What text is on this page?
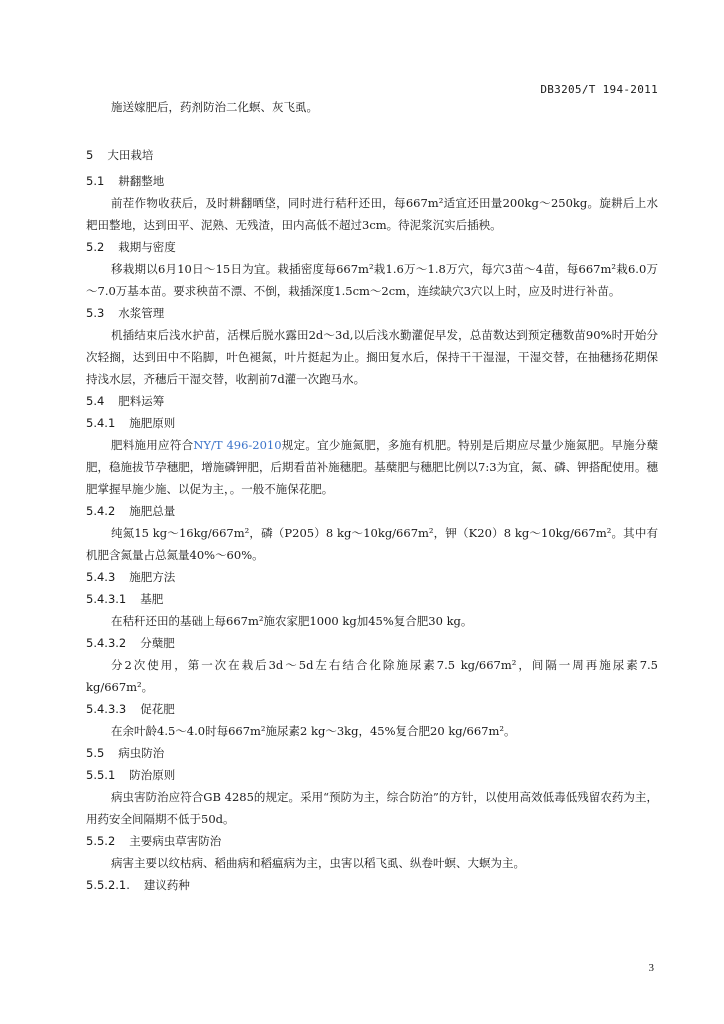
DB3205/T 194-2011
施送嫁肥后，药剂防治二化螟、灰飞虱。
5 大田栽培
5.1 耕翻整地
前茬作物收获后，及时耕翻晒垡，同时进行秸秆还田，每667m²适宜还田量200kg～250kg。旋耕后上水耙田整地，达到田平、泥熟、无残渣，田内高低不超过3cm。待泥浆沉实后插秧。
5.2 栽期与密度
移栽期以6月10日～15日为宜。栽插密度每667m²栽1.6万～1.8万穴，每穴3苗～4苗，每667m²栽6.0万～7.0万基本苗。要求秧苗不漂、不倒，栽插深度1.5cm～2cm，连续缺穴3穴以上时，应及时进行补苗。
5.3 水浆管理
机插结束后浅水护苗，活棵后脱水露田2d～3d,以后浅水勤灌促早发，总苗数达到预定穗数苗90%时开始分次轻搁，达到田中不陷脚，叶色褪氮，叶片挺起为止。搁田复水后，保持干干湿湿，干湿交替，在抽穗扬花期保持浅水层，齐穗后干湿交替，收割前7d灌一次跑马水。
5.4 肥料运筹
5.4.1 施肥原则
肥料施用应符合NY/T 496-2010规定。宜少施氮肥，多施有机肥。特别是后期应尽量少施氮肥。早施分蘖肥，稳施拔节孕穗肥，增施磷钾肥，后期看苗补施穗肥。基蘖肥与穗肥比例以7:3为宜，氮、磷、钾搭配使用。穗肥掌握早施少施、以促为主，。一般不施保花肥。
5.4.2 施肥总量
纯氮15 kg～16kg/667m²，磷（P205）8 kg～10kg/667m²，钾（K20）8 kg～10kg/667m²。其中有机肥含氮量占总氮量40%～60%。
5.4.3 施肥方法
5.4.3.1 基肥
在秸秆还田的基础上每667m²施农家肥1000 kg加45%复合肥30 kg。
5.4.3.2 分蘖肥
分2次使用，第一次在栽后3d～5d左右结合化除施尿素7.5 kg/667m²，间隔一周再施尿素7.5 kg/667m²。
5.4.3.3 促花肥
在余叶龄4.5～4.0时每667m²施尿素2 kg～3kg，45%复合肥20 kg/667m²。
5.5 病虫防治
5.5.1 防治原则
病虫害防治应符合GB 4285的规定。采用“预防为主，综合防治”的方针，以使用高效低毒低残留农药为主，用药安全间隔期不低于50d。
5.5.2 主要病虫草害防治
病害主要以纹枯病、稻曲病和稻瘟病为主，虫害以稻飞虱、纵卷叶螟、大螟为主。
5.5.2.1. 建议药种
3
